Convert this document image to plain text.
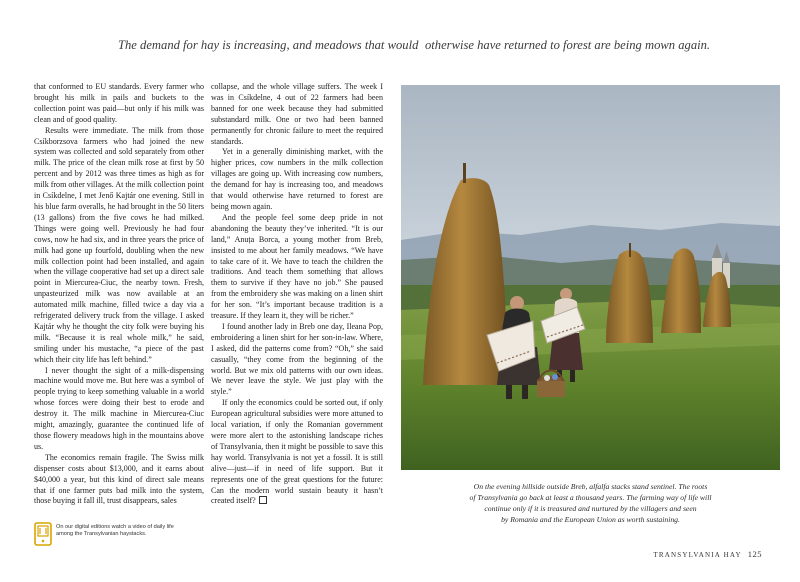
The demand for hay is increasing, and meadows that would otherwise have returned to forest are being mown again.

that conformed to EU standards. Every farmer who brought his milk in pails and buckets to the collection point was paid—but only if his milk was clean and of good quality.

Results were immediate. The milk from those Csíkborzsova farmers who had joined the new system was collected and sold separately from other milk. The price of the clean milk rose at first by 50 percent and by 2012 was three times as high as for milk from other villages. At the milk collection point in Csíkdelne, I met Jenő Kajtár one evening. Still in his blue farm overalls, he had brought in the 50 liters (13 gallons) from the five cows he had milked. Things were going well. Previously he had four cows, now he had six, and in three years the price of milk had gone up fourfold, doubling when the new milk collection point had been installed, and again when the village cooperative had set up a direct sale point in Miercurea-Ciuc, the nearby town. Fresh, unpasteurized milk was now available at an automated milk machine, filled twice a day via a refrigerated delivery truck from the village. I asked Kajtár why he thought the city folk were buying his milk. “Because it is real whole milk,” he said, smiling under his mustache, “a piece of the past which their city life has left behind.”

I never thought the sight of a milk-dispensing machine would move me. But here was a symbol of people trying to keep something valuable in a world whose forces were doing their best to erode and destroy it. The milk machine in Miercurea-Ciuc might, amazingly, guarantee the continued life of those flowery meadows high in the mountains above us.

The economics remain fragile. The Swiss milk dispenser costs about $13,000, and it earns about $40,000 a year, but this kind of direct sale means that if one farmer puts bad milk into the system, those buying it fall ill, trust disappears, sales

collapse, and the whole village suffers. The week I was in Csíkdelne, 4 out of 22 farmers had been banned for one week because they had submitted substandard milk. One or two had been banned permanently for chronic failure to meet the required standards.

Yet in a generally diminishing market, with the higher prices, cow numbers in the milk collection villages are going up. With increasing cow numbers, the demand for hay is increasing too, and meadows that would otherwise have returned to forest are being mown again.

And the people feel some deep pride in not abandoning the beauty they’ve inherited. “It is our land,” Anuța Borca, a young mother from Breb, insisted to me about her family meadows. “We have to take care of it. We have to teach the children the traditions. And teach them something that allows them to survive if they have no job.” She paused from the embroidery she was making on a linen shirt for her son. “It’s important because tradition is a treasure. If they learn it, they will be richer.”

I found another lady in Breb one day, Ileana Pop, embroidering a linen shirt for her son-in-law. Where, I asked, did the patterns come from? “Oh,” she said casually, “they come from the beginning of the world. But we mix old patterns with our own ideas. We never leave the style. We just play with the style.”

If only the economics could be sorted out, if only European agricultural subsidies were more attuned to local variation, if only the Romanian government were more alert to the astonishing landscape riches of Transylvania, then it might be possible to save this hay world. Transylvania is not yet a fossil. It is still alive—just—if in need of life support. But it represents one of the great questions for the future: Can the modern world sustain beauty it hasn’t created itself?

On the evening hillside outside Breb, alfalfa stacks stand sentinel. The roots

of Transylvania go back at least a thousand years. The farming way of life will

continue only if it is treasured and nurtured by the villagers and seen

by Romania and the European Union as worth sustaining.

On our digital editions watch a video of daily life among the Transylvanian haystacks.
TRANSYLVANIA HAY 125
